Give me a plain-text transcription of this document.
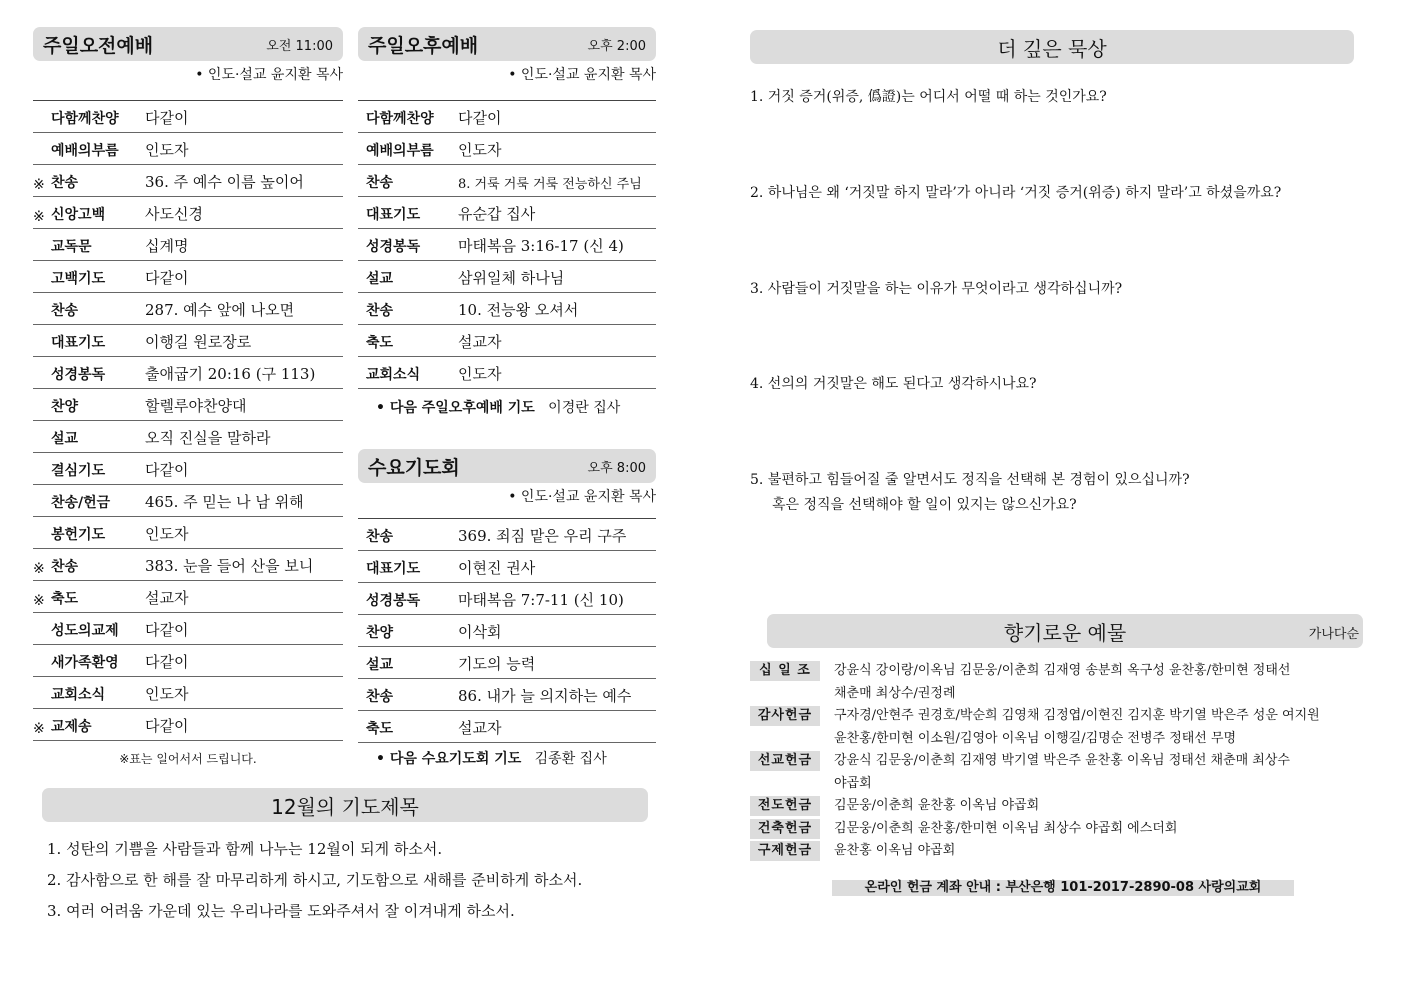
주일오전예배	오전 11:00
• 인도·설교 윤지환 목사
다함께찬양	다같이
예배의부름	인도자
※ 찬송	36. 주 예수 이름 높이어
※ 신앙고백	사도신경
교독문	십계명
고백기도	다같이
찬송	287. 예수 앞에 나오면
대표기도	이행길 원로장로
성경봉독	출애굽기 20:16 (구 113)
찬양	할렐루야찬양대
설교	오직 진실을 말하라
결심기도	다같이
찬송/헌금	465. 주 믿는 나 남 위해
봉헌기도	인도자
※ 찬송	383. 눈을 들어 산을 보니
※ 축도	설교자
성도의교제	다같이
새가족환영	다같이
교회소식	인도자
※ 교제송	다같이
※표는 일어서서 드립니다.
주일오후예배	오후 2:00
• 인도·설교 윤지환 목사
다함께찬양 다같이
예배의부름 인도자
찬송	8. 거룩 거룩 거룩 전능하신 주님
대표기도	유순갑 집사
성경봉독	마태복음 3:16-17 (신 4)
설교	삼위일체 하나님
찬송	10. 전능왕 오셔서
축도	설교자
교회소식	인도자
• 다음 주일오후예배 기도 이경란 집사
수요기도회	오후 8:00
• 인도·설교 윤지환 목사
찬송	369. 죄짐 맡은 우리 구주
대표기도	이현진 권사
성경봉독	마태복음 7:7-11 (신 10)
찬양	이삭회
설교	기도의 능력
찬송	86. 내가 늘 의지하는 예수
축도	설교자
• 다음 수요기도회 기도 김종환 집사
12월의 기도제목
1. 성탄의 기쁨을 사람들과 함께 나누는 12월이 되게 하소서.
2. 감사함으로 한 해를 잘 마무리하게 하시고, 기도함으로 새해를 준비하게 하소서.
3. 여러 어려움 가운데 있는 우리나라를 도와주셔서 잘 이겨내게 하소서.
더 깊은 묵상
1. 거짓 증거(위증, 僞證)는 어디서 어떨 때 하는 것인가요?
2. 하나님은 왜 ‘거짓말 하지 말라’가 아니라 ‘거짓 증거(위증) 하지 말라’고 하셨을까요?
3. 사람들이 거짓말을 하는 이유가 무엇이라고 생각하십니까?
4. 선의의 거짓말은 해도 된다고 생각하시나요?
5. 불편하고 힘들어질 줄 알면서도 정직을 선택해 본 경험이 있으십니까?
혹은 정직을 선택해야 할 일이 있지는 않으신가요?
향기로운 예물	가나다순
십 일 조	강윤식 강이랑/이옥님 김문웅/이춘희 김재영 송분희 옥구성 윤찬홍/한미현 정태선
채춘매 최상수/권정례
감사헌금	구자경/안현주 권경호/박순희 김영채 김정엽/이현진 김지훈 박기열 박은주 성운 여지원
윤찬홍/한미현 이소원/김영아 이옥님 이행길/김명순 전병주 정태선 무명
선교헌금	강윤식 김문웅/이춘희 김재영 박기열 박은주 윤찬홍 이옥님 정태선 채춘매 최상수
야곱회
전도헌금	김문웅/이춘희 윤찬홍 이옥님 야곱회
건축헌금	김문웅/이춘희 윤찬홍/한미현 이옥님 최상수 야곱회 에스더회
구제헌금	윤찬홍 이옥님 야곱회
온라인 헌금 계좌 안내 : 부산은행 101-2017-2890-08 사랑의교회
